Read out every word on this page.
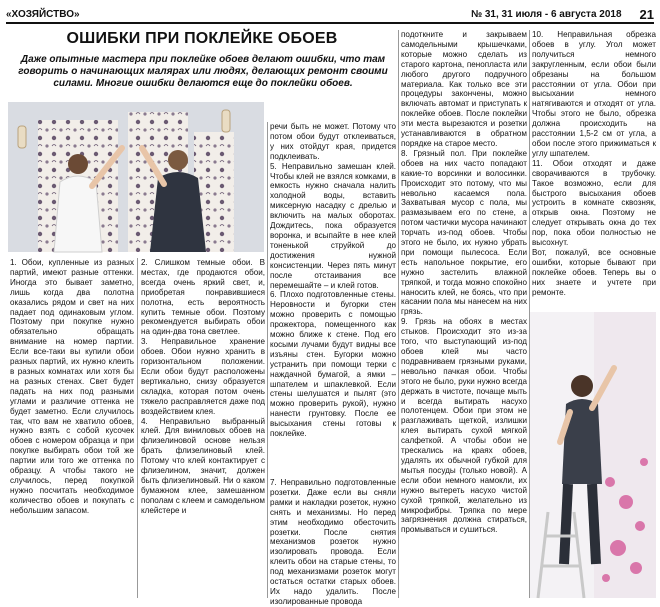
«ХОЗЯЙСТВО»	№ 31, 31 июля - 6 августа 2018 21
ОШИБКИ ПРИ ПОКЛЕЙКЕ ОБОЕВ
Даже опытные мастера при поклейке обоев делают ошибки, что там говорить о начинающих малярах или людях, делающих ремонт своими силами. Многие ошибки делаются еще до поклейки обоев.
1. Обои, купленные из разных партий, имеют разные оттенки. Иногда это бывает заметно, лишь когда два полотна оказались рядом и свет на них падает под одинаковым углом. Поэтому при покупке нужно обязательно обращать внимание на номер партии. Если все-таки вы купили обои разных партий, их нужно клеить в разных комнатах или хотя бы на разных стенах. Свет будет падать на них под разными углами и различие оттенка не будет заметно. Если случилось так, что вам не хватило обоев, нужно взять с собой кусочек обоев с номером образца и при покупке выбирать обои той же партии или того же оттенка по образцу. А чтобы такого не случилось, перед покупкой нужно посчитать необходимое количество обоев и покупать с небольшим запасом.
2. Слишком темные обои. В местах, где продаются обои, всегда очень яркий свет, и, приобретая понравившиеся полотна, есть вероятность купить темные обои. Поэтому рекомендуется выбирать обои на один-два тона светлее.
3. Неправильное хранение обоев. Обои нужно хранить в горизонтальном положении. Если обои будут расположены вертикально, снизу образуется складка, которая потом очень тяжело расправляется даже под воздействием клея.
4. Неправильно выбранный клей. Для виниловых обоев на флизелиновой основе нельзя брать флизелиновый клей. Потому что клей контактирует с флизелином, значит, должен быть флизелиновый. Ни о каком бумажном клее, замешанном пополам с клеем и самодельном клейстере и
речи быть не может. Потому что потом обои будут отклеиваться, у них отойдут края, придется подклеивать.
5. Неправильно замешан клей. Чтобы клей не взялся комками, в емкость нужно сначала налить холодной воды, вставить миксерную насадку с дрелью и включить на малых оборотах. Дождитесь, пока образуется воронка, и всыпайте в нее клей тоненькой струйкой до достижения нужной консистенции. Через пять минут после отстаивания все перемешайте – и клей готов.
6. Плохо подготовленные стены. Неровности и бугорки стен можно проверить с помощью прожектора, помещенного как можно ближе к стене. Под его косыми лучами будут видны все изъяны стен. Бугорки можно устранить при помощи терки с наждачной бумагой, а ямки – шпателем и шпаклевкой. Если стены шелушатся и пылят (это можно проверить рукой), нужно нанести грунтовку. После ее высыхания стены готовы к поклейке.
7. Неправильно подготовленные розетки. Даже если вы сняли рамки и накладки розеток, нужно снять и механизмы. Но перед этим необходимо обесточить розетки. После снятия механизмов розеток нужно изолировать провода. Если клеить обои на старые стены, то под механизмами розеток могут остаться остатки старых обоев. Их надо удалить. После изолированные провода
подоткните и закрываем самодельными крышечками, которые можно сделать из старого картона, пенопласта или любого другого подручного материала. Как только все эти процедуры закончены, можно включать автомат и приступать к поклейке обоев. После поклейки эти места вырезаются и розетки устанавливаются в обратном порядке на старое место.
8. Грязный пол. При поклейке обоев на них часто попадают какие-то ворсинки и волосинки. Происходит это потому, что мы невольно касаемся пола. Захватывая мусор с пола, мы размазываем его по стене, а потом частички мусора начинают торчать из-под обоев. Чтобы этого не было, их нужно убрать при помощи пылесоса. Если есть напольное покрытие, его нужно застелить влажной тряпкой, и тогда можно спокойно наносить клей, не боясь, что при касании пола мы нанесем на них грязь.
9. Грязь на обоях в местах стыков. Происходит это из-за того, что выступающий из-под обоев клей мы часто подравниваем грязными руками, невольно пачкая обои. Чтобы этого не было, руки нужно всегда держать в чистоте, почаще мыть и всегда вытирать насухо полотенцем. Обои при этом не разглаживать щеткой, излишки клея вытирать сухой мягкой салфеткой. А чтобы обои не трескались на краях обоев, удалять их обычной губкой для мытья посуды (только новой). А если обои немного намокли, их нужно вытереть насухо чистой сухой тряпкой, желательно из микрофибры. Тряпка по мере загрязнения должна стираться, промываться и сушиться.
10. Неправильная обрезка обоев в углу. Угол может получиться немного закругленным, если обои были обрезаны на большом расстоянии от угла. Обои при высыхании немного натягиваются и отходят от угла. Чтобы этого не было, обрезка должна происходить на расстоянии 1,5-2 см от угла, а обои после этого прижиматься к углу шпателем.
11. Обои отходят и даже сворачиваются в трубочку. Такое возможно, если для быстрого высыхания обоев устроить в комнате сквозняк, открыв окна. Поэтому не следует открывать окна до тех пор, пока обои полностью не высохнут.
Вот, пожалуй, все основные ошибки, которые бывают при поклейке обоев. Теперь вы о них знаете и учтете при ремонте.
